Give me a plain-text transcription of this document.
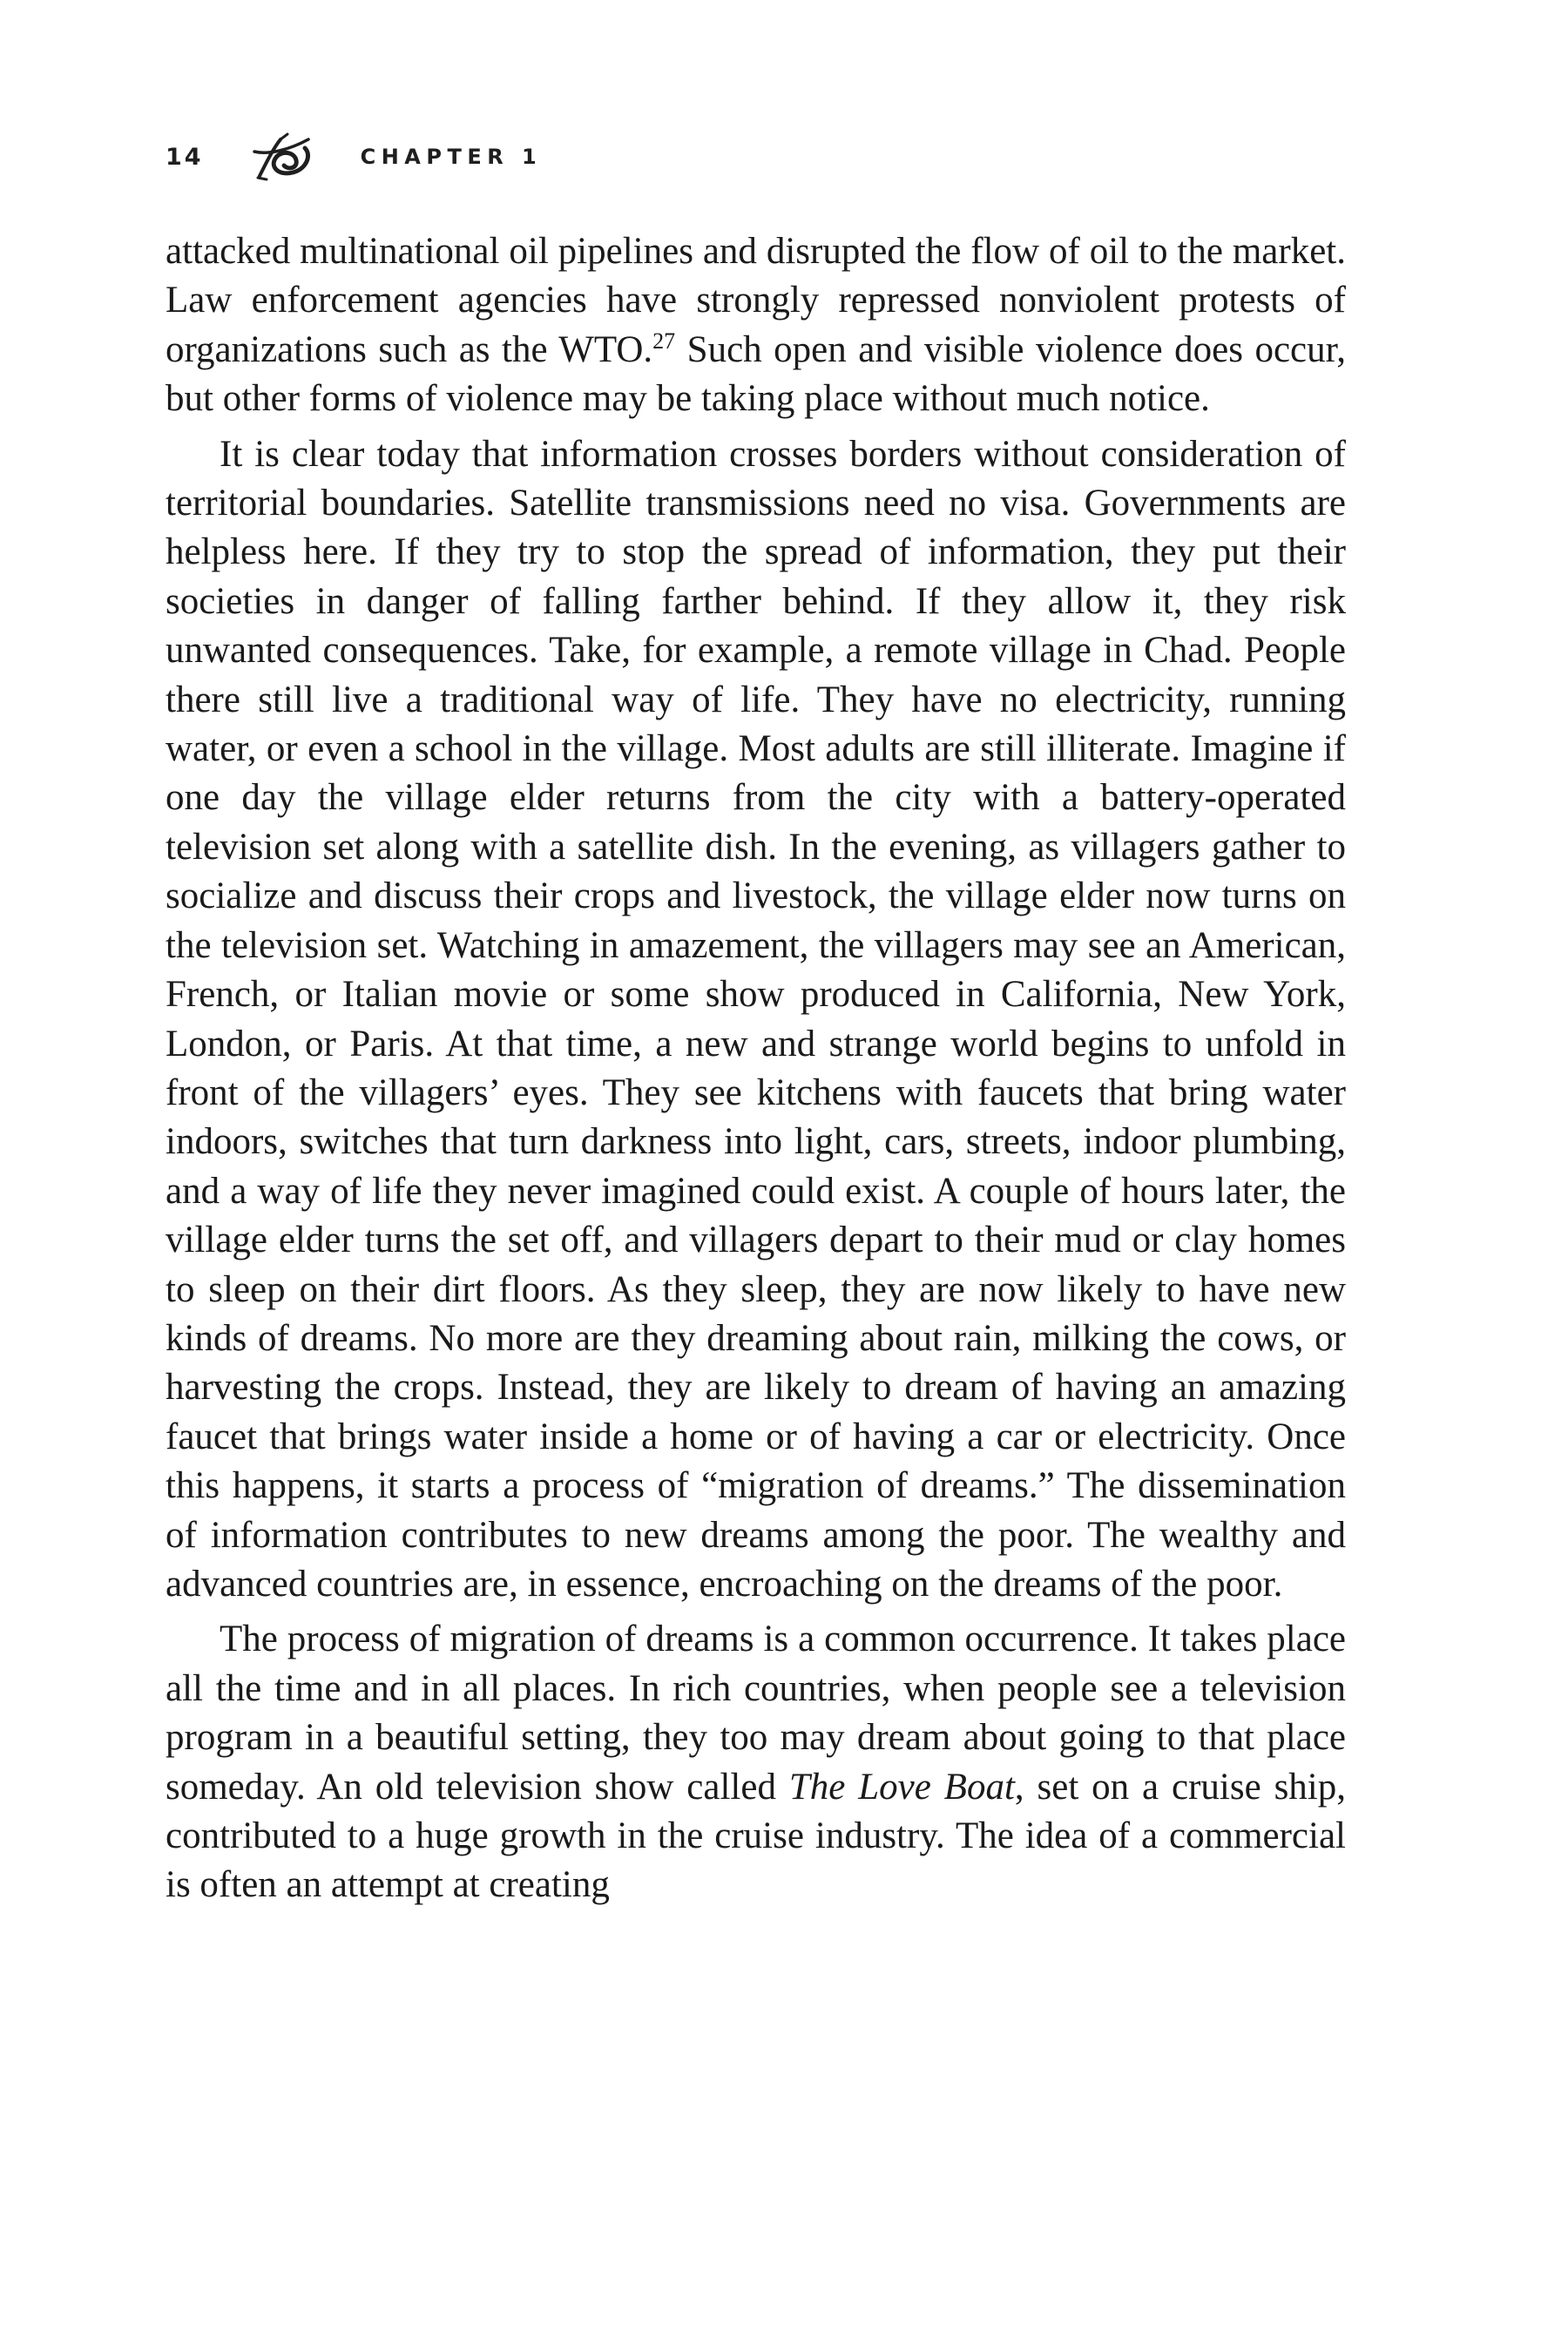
14	CHAPTER 1

attacked multinational oil pipelines and disrupted the flow of oil to the market. Law enforcement agencies have strongly repressed nonviolent protests of organizations such as the WTO.$^{27}$ Such open and visible violence does occur, but other forms of violence may be taking place without much notice.

It is clear today that information crosses borders without consideration of territorial boundaries. Satellite transmissions need no visa. Governments are helpless here. If they try to stop the spread of information, they put their societies in danger of falling farther behind. If they allow it, they risk unwanted consequences. Take, for example, a remote village in Chad. People there still live a traditional way of life. They have no electricity, running water, or even a school in the village. Most adults are still illiterate. Imagine if one day the village elder returns from the city with a battery-operated television set along with a satellite dish. In the evening, as villagers gather to socialize and discuss their crops and livestock, the village elder now turns on the television set. Watching in amazement, the villagers may see an American, French, or Italian movie or some show produced in California, New York, London, or Paris. At that time, a new and strange world begins to unfold in front of the villagers’ eyes. They see kitchens with faucets that bring water indoors, switches that turn darkness into light, cars, streets, indoor plumbing, and a way of life they never imagined could exist. A couple of hours later, the village elder turns the set off, and villagers depart to their mud or clay homes to sleep on their dirt floors. As they sleep, they are now likely to have new kinds of dreams. No more are they dreaming about rain, milking the cows, or harvesting the crops. Instead, they are likely to dream of having an amazing faucet that brings water inside a home or of having a car or electricity. Once this happens, it starts a process of “migration of dreams.” The dissemination of information contributes to new dreams among the poor. The wealthy and advanced countries are, in essence, encroaching on the dreams of the poor.

The process of migration of dreams is a common occurrence. It takes place all the time and in all places. In rich countries, when people see a television program in a beautiful setting, they too may dream about going to that place someday. An old television show called The Love Boat, set on a cruise ship, contributed to a huge growth in the cruise industry. The idea of a commercial is often an attempt at creating
